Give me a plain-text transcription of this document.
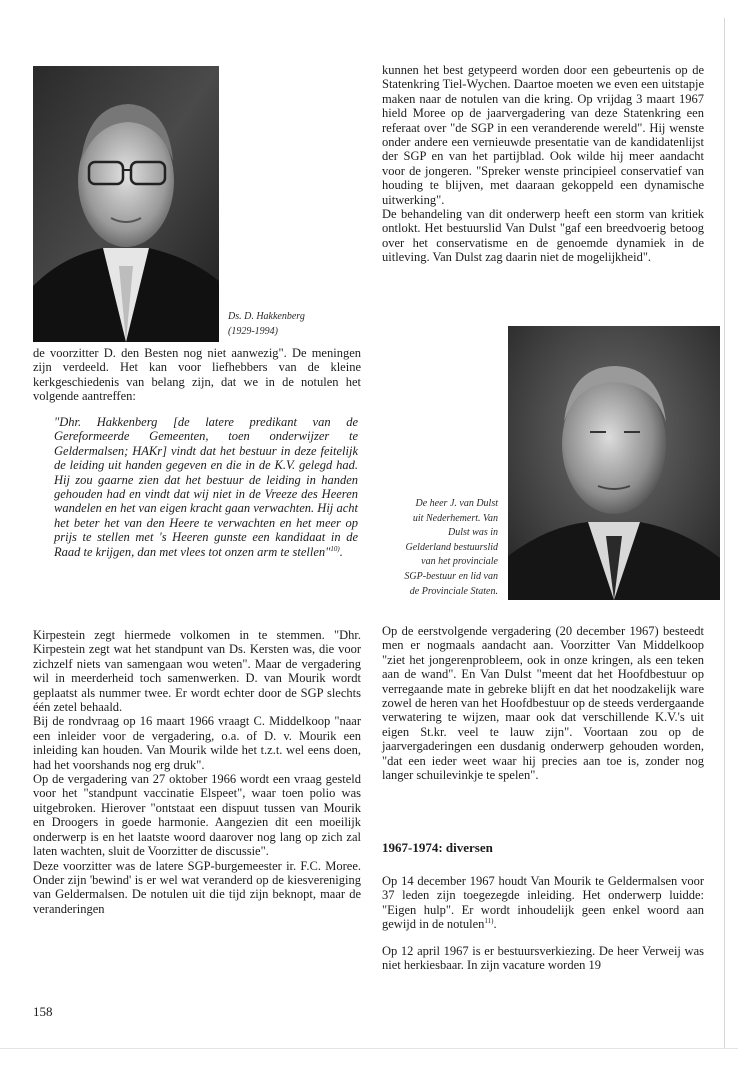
Ds. D. Hakkenberg
(1929-1994)
De heer J. van Dulst
uit Nederhemert. Van
Dulst was in
Gelderland bestuurslid
van het provinciale
SGP-bestuur en lid van
de Provinciale Staten.

de voorzitter D. den Besten nog niet aanwezig". De meningen zijn verdeeld. Het kan voor liefhebbers van de kleine kerkgeschiedenis van belang zijn, dat we in de notulen het volgende aantreffen:

"Dhr. Hakkenberg [de latere predikant van de Gereformeerde Gemeenten, toen onderwijzer te Geldermalsen; HAKr] vindt dat het bestuur in deze feitelijk de leiding uit handen gegeven en die in de K.V. gelegd had. Hij zou gaarne zien dat het bestuur de leiding in handen gehouden had en vindt dat wij niet in de Vreeze des Heeren wandelen en het van eigen kracht gaan verwachten. Hij acht het beter het van den Heere te verwachten en het meer op prijs te stellen met 's Heeren gunste een kandidaat in de Raad te krijgen, dan met vlees tot onzen arm te stellen"$^{10)}$.

Kirpestein zegt hiermede volkomen in te stemmen. "Dhr. Kirpestein zegt wat het standpunt van Ds. Kersten was, die voor zichzelf niets van samengaan wou weten". Maar de vergadering wil in meerderheid toch samenwerken. D. van Mourik wordt geplaatst als nummer twee. Er wordt echter door de SGP slechts één zetel behaald.

Bij de rondvraag op 16 maart 1966 vraagt C. Middelkoop "naar een inleider voor de vergadering, o.a. of D. v. Mourik een inleiding kan houden. Van Mourik wilde het t.z.t. wel eens doen, had het voorshands nog erg druk".

Op de vergadering van 27 oktober 1966 wordt een vraag gesteld voor het "standpunt vaccinatie Elspeet", waar toen polio was uitgebroken. Hierover "ontstaat een dispuut tussen van Mourik en Droogers in goede harmonie. Aangezien dit een moeilijk onderwerp is en het laatste woord daarover nog lang op zich zal laten wachten, sluit de Voorzitter de discussie".

Deze voorzitter was de latere SGP-burgemeester ir. F.C. Moree. Onder zijn 'bewind' is er wel wat veranderd op de kiesvereniging van Geldermalsen. De notulen uit die tijd zijn beknopt, maar de veranderingen

kunnen het best getypeerd worden door een gebeurtenis op de Statenkring Tiel-Wychen. Daartoe moeten we even een uitstapje maken naar de notulen van die kring. Op vrijdag 3 maart 1967 hield Moree op de jaarvergadering van deze Statenkring een referaat over "de SGP in een veranderende wereld". Hij wenste onder andere een vernieuwde presentatie van de kandidatenlijst der SGP en van het partijblad. Ook wilde hij meer aandacht voor de jongeren. "Spreker wenste principieel conservatief van houding te blijven, met daaraan gekoppeld een dynamische uitwerking".

De behandeling van dit onderwerp heeft een storm van kritiek ontlokt. Het bestuurslid Van Dulst "gaf een breedvoerig betoog over het conservatisme en de genoemde dynamiek in de uitleving. Van Dulst zag daarin niet de mogelijkheid".

Op de eerstvolgende vergadering (20 december 1967) besteedt men er nogmaals aandacht aan. Voorzitter Van Middelkoop "ziet het jongerenprobleem, ook in onze kringen, als een teken aan de wand". En Van Dulst "meent dat het Hoofdbestuur op verregaande mate in gebreke blijft en dat het noodzakelijk ware zowel de heren van het Hoofdbestuur op de steeds verdergaande verwatering te wijzen, maar ook dat verschillende K.V.'s uit eigen St.kr. veel te lauw zijn". Voortaan zou op de jaarvergaderingen een dusdanig onderwerp gehouden worden, "dat een ieder weet waar hij precies aan toe is, zonder nog langer schuilevinkje te spelen".

1967-1974: diversen
Op 14 december 1967 houdt Van Mourik te Geldermalsen voor 37 leden zijn toegezegde inleiding. Het onderwerp luidde: "Eigen hulp". Er wordt inhoudelijk geen enkel woord aan gewijd in de notulen$^{11)}$.
Op 12 april 1967 is er bestuursverkiezing. De heer Verweij was niet herkiesbaar. In zijn vacature worden 19
158
